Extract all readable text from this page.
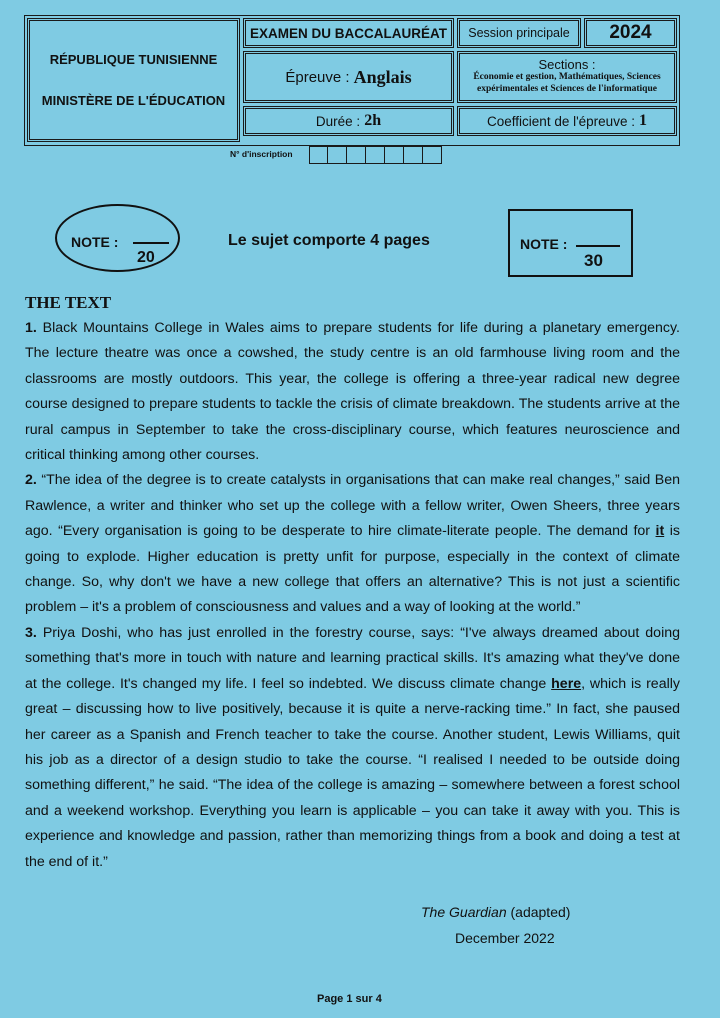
RÉPUBLIQUE TUNISIENNE
MINISTÈRE DE L'ÉDUCATION
EXAMEN DU BACCALAURÉAT	Session principale	2024
Épreuve : Anglais
Sections :
Économie et gestion, Mathématiques, Sciences expérimentales et Sciences de l'informatique
Durée : 2h	Coefficient de l'épreuve : 1
N° d'inscription
NOTE :
20
Le sujet comporte 4 pages	NOTE :
30
THE TEXT

1. Black Mountains College in Wales aims to prepare students for life during a planetary emergency. The lecture theatre was once a cowshed, the study centre is an old farmhouse living room and the classrooms are mostly outdoors. This year, the college is offering a three-year radical new degree course designed to prepare students to tackle the crisis of climate breakdown. The students arrive at the rural campus in September to take the cross-disciplinary course, which features neuroscience and critical thinking among other courses.

2. “The idea of the degree is to create catalysts in organisations that can make real changes,” said Ben Rawlence, a writer and thinker who set up the college with a fellow writer, Owen Sheers, three years ago. “Every organisation is going to be desperate to hire climate-literate people. The demand for it is going to explode. Higher education is pretty unfit for purpose, especially in the context of climate change. So, why don't we have a new college that offers an alternative? This is not just a scientific problem – it's a problem of consciousness and values and a way of looking at the world.”

3. Priya Doshi, who has just enrolled in the forestry course, says: “I've always dreamed about doing something that's more in touch with nature and learning practical skills. It's amazing what they've done at the college. It's changed my life. I feel so indebted. We discuss climate change here, which is really great – discussing how to live positively, because it is quite a nerve-racking time.” In fact, she paused her career as a Spanish and French teacher to take the course. Another student, Lewis Williams, quit his job as a director of a design studio to take the course. “I realised I needed to be outside doing something different,” he said. “The idea of the college is amazing – somewhere between a forest school and a weekend workshop. Everything you learn is applicable – you can take it away with you. This is experience and knowledge and passion, rather than memorizing things from a book and doing a test at the end of it.”

The Guardian (adapted)
December 2022
Page 1 sur 4
